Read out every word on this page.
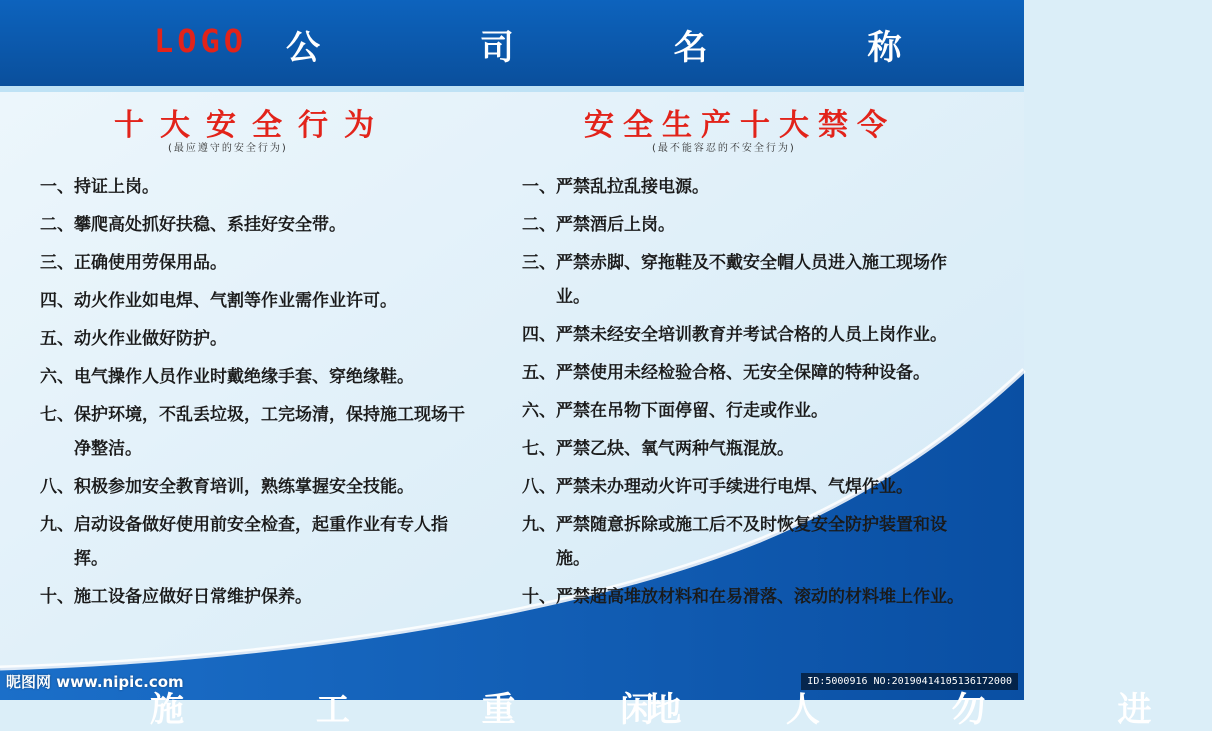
LOGO 公 司 名 称
十大安全行为
(最应遵守的安全行为)
安全生产十大禁令
(最不能容忍的不安全行为)
一、 持证上岗。
二、 攀爬高处抓好扶稳、系挂好安全带。
三、 正确使用劳保用品。
四、 动火作业如电焊、气割等作业需作业许可。
五、 动火作业做好防护。
六、 电气操作人员作业时戴绝缘手套、穿绝缘鞋。
七、 保护环境，不乱丢垃圾，工完场清，保持施工现场干净整洁。
八、 积极参加安全教育培训，熟练掌握安全技能。
九、 启动设备做好使用前安全检查，起重作业有专人指挥。
十、 施工设备应做好日常维护保养。
一、 严禁乱拉乱接电源。
二、 严禁酒后上岗。
三、 严禁赤脚、穿拖鞋及不戴安全帽人员进入施工现场作业。
四、 严禁未经安全培训教育并考试合格的人员上岗作业。
五、 严禁使用未经检验合格、无安全保障的特种设备。
六、 严禁在吊物下面停留、行走或作业。
七、 严禁乙炔、氧气两种气瓶混放。
八、 严禁未办理动火许可手续进行电焊、气焊作业。
九、 严禁随意拆除或施工后不及时恢复安全防护装置和设施。
十、 严禁超高堆放材料和在易滑落、滚动的材料堆上作业。
施 工 重 地
闲 人 勿 进
昵图网 www.nipic.com	ID:5000916 NO:20190414105136172000
